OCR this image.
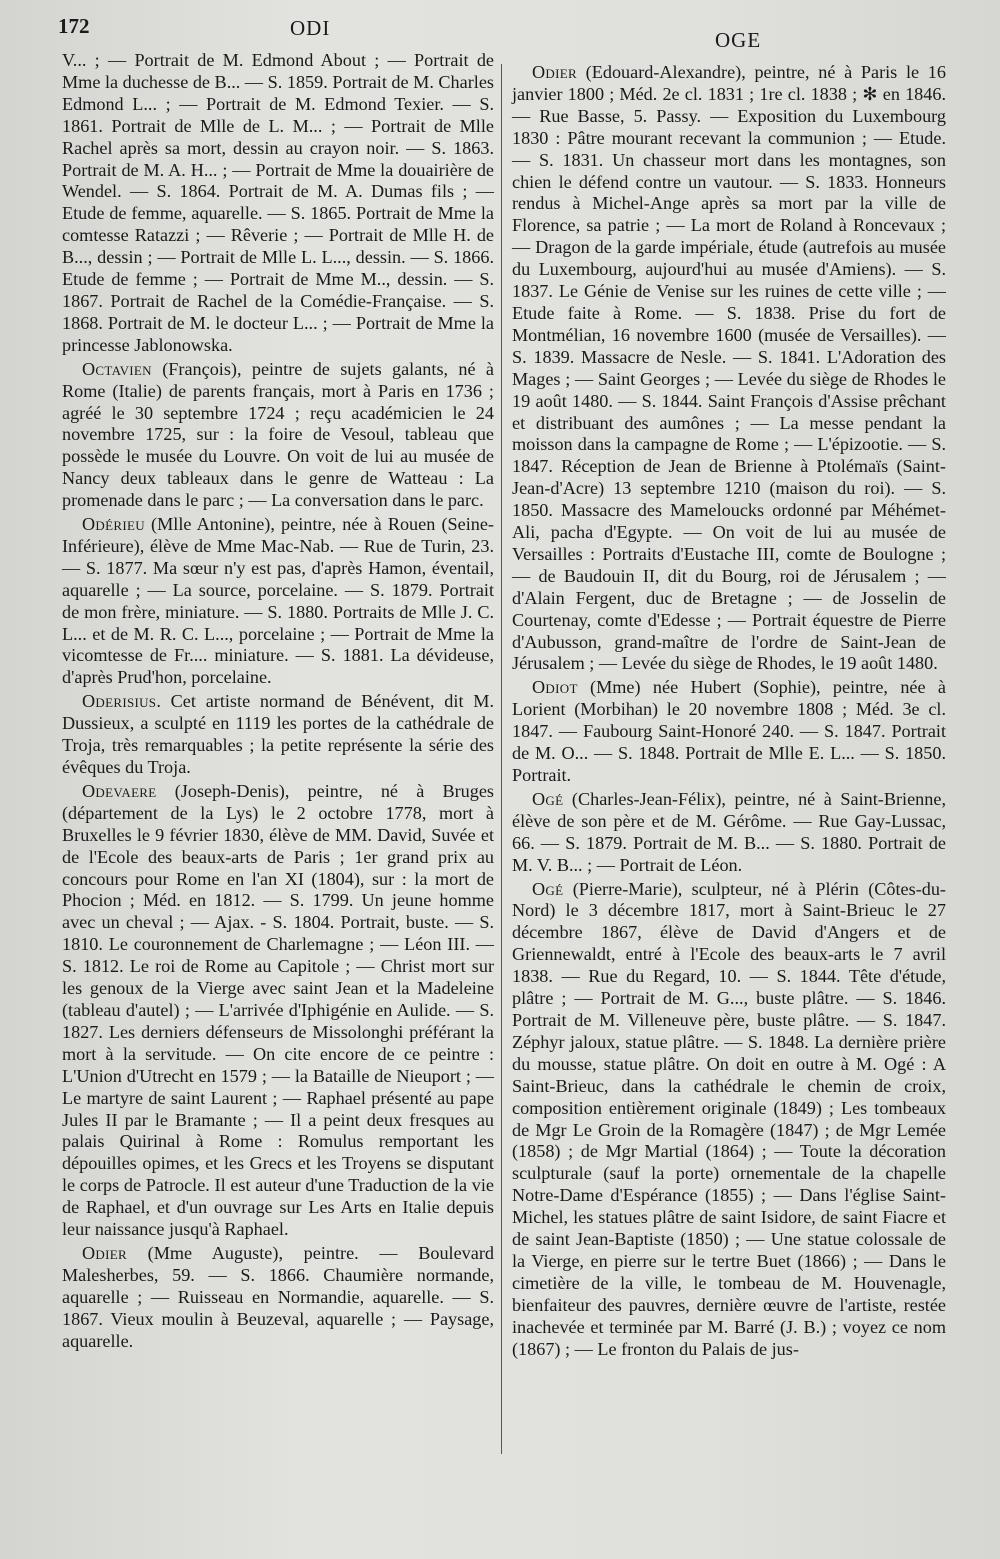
172	ODI	OGE

V... ; — Portrait de M. Edmond About ; — Portrait de Mme la duchesse de B... — S. 1859. Portrait de M. Charles Edmond L... ; — Portrait de M. Edmond Texier. — S. 1861. Portrait de Mlle de L. M... ; — Portrait de Mlle Rachel après sa mort, dessin au crayon noir. — S. 1863. Portrait de M. A. H... ; — Portrait de Mme la douairière de Wendel. — S. 1864. Portrait de M. A. Dumas fils ; — Etude de femme, aquarelle. — S. 1865. Portrait de Mme la comtesse Ratazzi ; — Rêverie ; — Portrait de Mlle H. de B..., dessin ; — Portrait de Mlle L. L..., dessin. — S. 1866. Etude de femme ; — Portrait de Mme M.., dessin. — S. 1867. Portrait de Rachel de la Comédie-Française. — S. 1868. Portrait de M. le docteur L... ; — Portrait de Mme la princesse Jablonowska.

Octavien (François), peintre de sujets galants, né à Rome (Italie) de parents français, mort à Paris en 1736 ; agréé le 30 septembre 1724 ; reçu académicien le 24 novembre 1725, sur : la foire de Vesoul, tableau que possède le musée du Louvre. On voit de lui au musée de Nancy deux tableaux dans le genre de Watteau : La promenade dans le parc ; — La conversation dans le parc.

Odérieu (Mlle Antonine), peintre, née à Rouen (Seine-Inférieure), élève de Mme Mac-Nab. — Rue de Turin, 23. — S. 1877. Ma sœur n'y est pas, d'après Hamon, éventail, aquarelle ; — La source, porcelaine. — S. 1879. Portrait de mon frère, miniature. — S. 1880. Portraits de Mlle J. C. L... et de M. R. C. L..., porcelaine ; — Portrait de Mme la vicomtesse de Fr.... miniature. — S. 1881. La dévideuse, d'après Prud'hon, porcelaine.

Oderisius. Cet artiste normand de Bénévent, dit M. Dussieux, a sculpté en 1119 les portes de la cathédrale de Troja, très remarquables ; la petite représente la série des évêques du Troja.

Odevaere (Joseph-Denis), peintre, né à Bruges (département de la Lys) le 2 octobre 1778, mort à Bruxelles le 9 février 1830, élève de MM. David, Suvée et de l'Ecole des beaux-arts de Paris ; 1er grand prix au concours pour Rome en l'an XI (1804), sur : la mort de Phocion ; Méd. en 1812. — S. 1799. Un jeune homme avec un cheval ; — Ajax. - S. 1804. Portrait, buste. — S. 1810. Le couronnement de Charlemagne ; — Léon III. — S. 1812. Le roi de Rome au Capitole ; — Christ mort sur les genoux de la Vierge avec saint Jean et la Madeleine (tableau d'autel) ; — L'arrivée d'Iphigénie en Aulide. — S. 1827. Les derniers défenseurs de Missolonghi préférant la mort à la servitude. — On cite encore de ce peintre : L'Union d'Utrecht en 1579 ; — la Bataille de Nieuport ; — Le martyre de saint Laurent ; — Raphael présenté au pape Jules II par le Bramante ; — Il a peint deux fresques au palais Quirinal à Rome : Romulus remportant les dépouilles opimes, et les Grecs et les Troyens se disputant le corps de Patrocle. Il est auteur d'une Traduction de la vie de Raphael, et d'un ouvrage sur Les Arts en Italie depuis leur naissance jusqu'à Raphael.

Odier (Mme Auguste), peintre. — Boulevard Malesherbes, 59. — S. 1866. Chaumière normande, aquarelle ; — Ruisseau en Normandie, aquarelle. — S. 1867. Vieux moulin à Beuzeval, aquarelle ; — Paysage, aquarelle.

Odier (Edouard-Alexandre), peintre, né à Paris le 16 janvier 1800 ; Méd. 2e cl. 1831 ; 1re cl. 1838 ; ✻ en 1846. — Rue Basse, 5. Passy. — Exposition du Luxembourg 1830 : Pâtre mourant recevant la communion ; — Etude. — S. 1831. Un chasseur mort dans les montagnes, son chien le défend contre un vautour. — S. 1833. Honneurs rendus à Michel-Ange après sa mort par la ville de Florence, sa patrie ; — La mort de Roland à Roncevaux ; — Dragon de la garde impériale, étude (autrefois au musée du Luxembourg, aujourd'hui au musée d'Amiens). — S. 1837. Le Génie de Venise sur les ruines de cette ville ; — Etude faite à Rome. — S. 1838. Prise du fort de Montmélian, 16 novembre 1600 (musée de Versailles). — S. 1839. Massacre de Nesle. — S. 1841. L'Adoration des Mages ; — Saint Georges ; — Levée du siège de Rhodes le 19 août 1480. — S. 1844. Saint François d'Assise prêchant et distribuant des aumônes ; — La messe pendant la moisson dans la campagne de Rome ; — L'épizootie. — S. 1847. Réception de Jean de Brienne à Ptolémaïs (Saint-Jean-d'Acre) 13 septembre 1210 (maison du roi). — S. 1850. Massacre des Mameloucks ordonné par Méhémet-Ali, pacha d'Egypte. — On voit de lui au musée de Versailles : Portraits d'Eustache III, comte de Boulogne ; — de Baudouin II, dit du Bourg, roi de Jérusalem ; — d'Alain Fergent, duc de Bretagne ; — de Josselin de Courtenay, comte d'Edesse ; — Portrait équestre de Pierre d'Aubusson, grand-maître de l'ordre de Saint-Jean de Jérusalem ; — Levée du siège de Rhodes, le 19 août 1480.

Odiot (Mme) née Hubert (Sophie), peintre, née à Lorient (Morbihan) le 20 novembre 1808 ; Méd. 3e cl. 1847. — Faubourg Saint-Honoré 240. — S. 1847. Portrait de M. O... — S. 1848. Portrait de Mlle E. L... — S. 1850. Portrait.

Ogé (Charles-Jean-Félix), peintre, né à Saint-Brienne, élève de son père et de M. Gérôme. — Rue Gay-Lussac, 66. — S. 1879. Portrait de M. B... — S. 1880. Portrait de M. V. B... ; — Portrait de Léon.

Ogé (Pierre-Marie), sculpteur, né à Plérin (Côtes-du-Nord) le 3 décembre 1817, mort à Saint-Brieuc le 27 décembre 1867, élève de David d'Angers et de Griennewaldt, entré à l'Ecole des beaux-arts le 7 avril 1838. — Rue du Regard, 10. — S. 1844. Tête d'étude, plâtre ; — Portrait de M. G..., buste plâtre. — S. 1846. Portrait de M. Villeneuve père, buste plâtre. — S. 1847. Zéphyr jaloux, statue plâtre. — S. 1848. La dernière prière du mousse, statue plâtre. On doit en outre à M. Ogé : A Saint-Brieuc, dans la cathédrale le chemin de croix, composition entièrement originale (1849) ; Les tombeaux de Mgr Le Groin de la Romagère (1847) ; de Mgr Lemée (1858) ; de Mgr Martial (1864) ; — Toute la décoration sculpturale (sauf la porte) ornementale de la chapelle Notre-Dame d'Espérance (1855) ; — Dans l'église Saint-Michel, les statues plâtre de saint Isidore, de saint Fiacre et de saint Jean-Baptiste (1850) ; — Une statue colossale de la Vierge, en pierre sur le tertre Buet (1866) ; — Dans le cimetière de la ville, le tombeau de M. Houvenagle, bienfaiteur des pauvres, dernière œuvre de l'artiste, restée inachevée et terminée par M. Barré (J. B.) ; voyez ce nom (1867) ; — Le fronton du Palais de jus-
